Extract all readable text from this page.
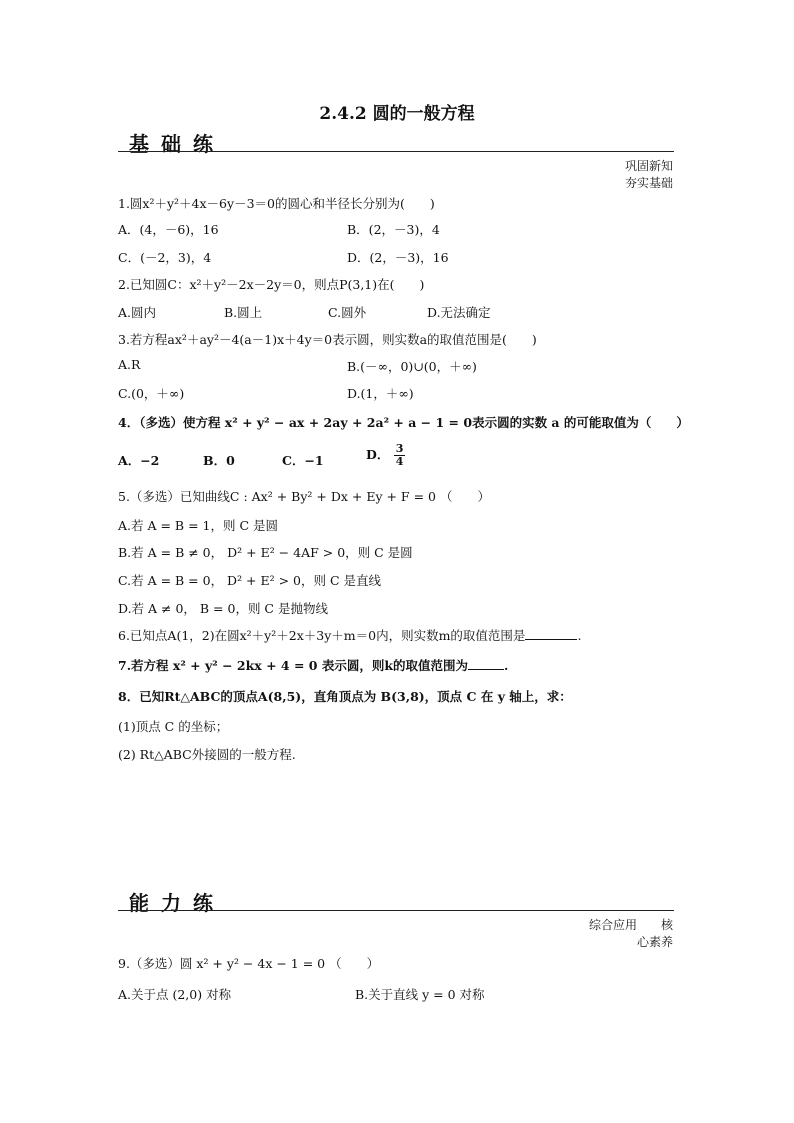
2.4.2 圆的一般方程
基础练
巩固新知
夯实基础
1.圆x²＋y²＋4x－6y－3＝0的圆心和半径长分别为(　　)
A．(4，－6)，16	B．(2，－3)，4
C．(－2，3)，4	D．(2，－3)，16
2.已知圆C：x²＋y²－2x－2y＝0，则点P(3,1)在(　　)
A.圆内	B.圆上	C.圆外	D.无法确定
3.若方程ax²＋ay²－4(a－1)x＋4y＝0表示圆，则实数a的取值范围是(　　)
A.R	B.(－∞，0)∪(0，＋∞)
C.(0，＋∞)	D.(1，＋∞)
4．（多选）使方程 x² + y² − ax + 2ay + 2a² + a − 1 = 0表示圆的实数 a 的可能取值为（　　）
A．−2	B．0	C．−1	D． $\frac{3}{4}$
5.（多选）已知曲线C : Ax² + By² + Dx + Ey + F = 0 （　　）
A.若 A = B = 1，则 C 是圆
B.若 A = B ≠ 0， D² + E² − 4AF > 0，则 C 是圆
C.若 A = B = 0， D² + E² > 0，则 C 是直线
D.若 A ≠ 0， B = 0，则 C 是抛物线
6.已知点A(1，2)在圆x²＋y²＋2x＋3y＋m＝0内，则实数m的取值范围是	.
7.若方程 x² + y² − 2kx + 4 = 0 表示圆，则k的取值范围为	.
8．已知Rt△ABC的顶点A(8,5)，直角顶点为 B(3,8)，顶点 C 在 y 轴上，求：
(1)顶点 C 的坐标；
(2) Rt△ABC外接圆的一般方程.
能力练
综合应用　　核
心素养
9.（多选）圆 x² + y² − 4x − 1 = 0 （　　）
A.关于点 (2,0) 对称	B.关于直线 y = 0 对称
